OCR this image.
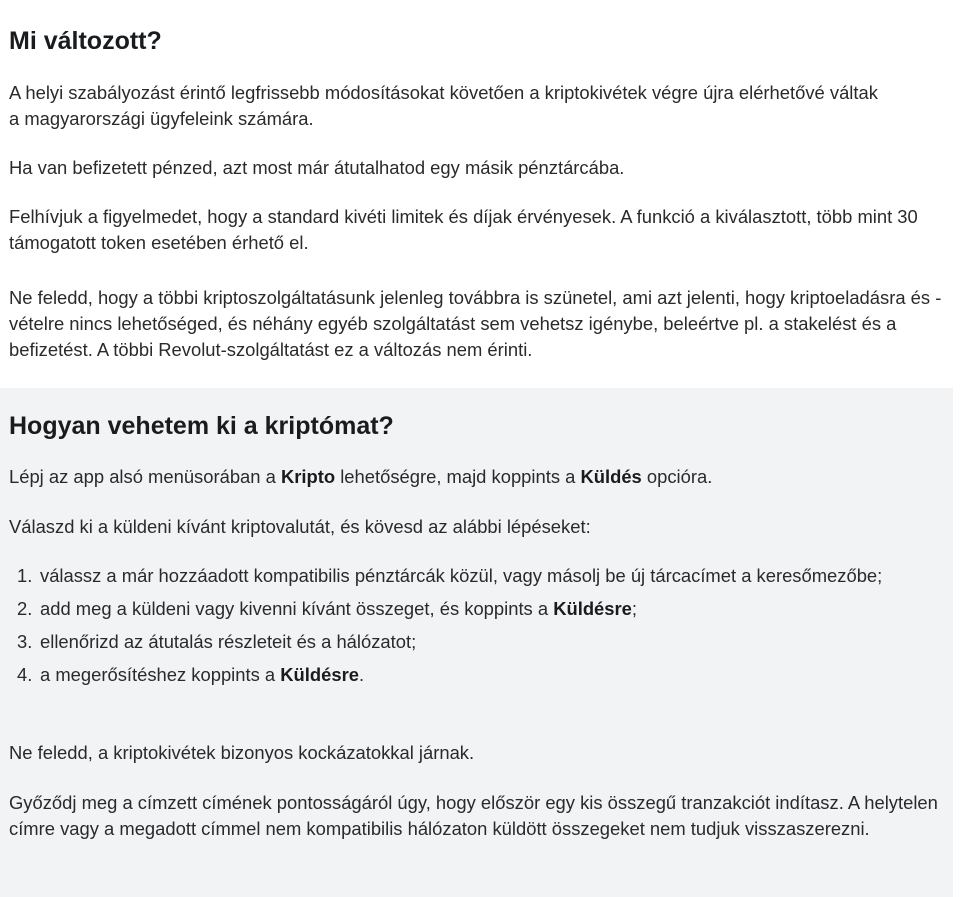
Mi változott?

A helyi szabályozást érintő legfrissebb módosításokat követően a kriptokivétek végre újra elérhetővé váltak a magyarországi ügyfeleink számára.

Ha van befizetett pénzed, azt most már átutalhatod egy másik pénztárcába.

Felhívjuk a figyelmedet, hogy a standard kivéti limitek és díjak érvényesek. A funkció a kiválasztott, több mint 30 támogatott token esetében érhető el.

Ne feledd, hogy a többi kriptoszolgáltatásunk jelenleg továbbra is szünetel, ami azt jelenti, hogy kriptoeladásra és -vételre nincs lehetőséged, és néhány egyéb szolgáltatást sem vehetsz igénybe, beleértve pl. a stakelést és a befizetést. A többi Revolut-szolgáltatást ez a változás nem érinti.

Hogyan vehetem ki a kriptómat?

Lépj az app alsó menüsorában a Kripto lehetőségre, majd koppints a Küldés opcióra.

Válaszd ki a küldeni kívánt kriptovalutát, és kövesd az alábbi lépéseket:

1. válassz a már hozzáadott kompatibilis pénztárcák közül, vagy másolj be új tárcacímet a keresőmezőbe;
2. add meg a küldeni vagy kivenni kívánt összeget, és koppints a Küldésre;
3. ellenőrizd az átutalás részleteit és a hálózatot;
4. a megerősítéshez koppints a Küldésre.

Ne feledd, a kriptokivétek bizonyos kockázatokkal járnak.

Győződj meg a címzett címének pontosságáról úgy, hogy először egy kis összegű tranzakciót indítasz. A helytelen címre vagy a megadott címmel nem kompatibilis hálózaton küldött összegeket nem tudjuk visszaszerezni.
